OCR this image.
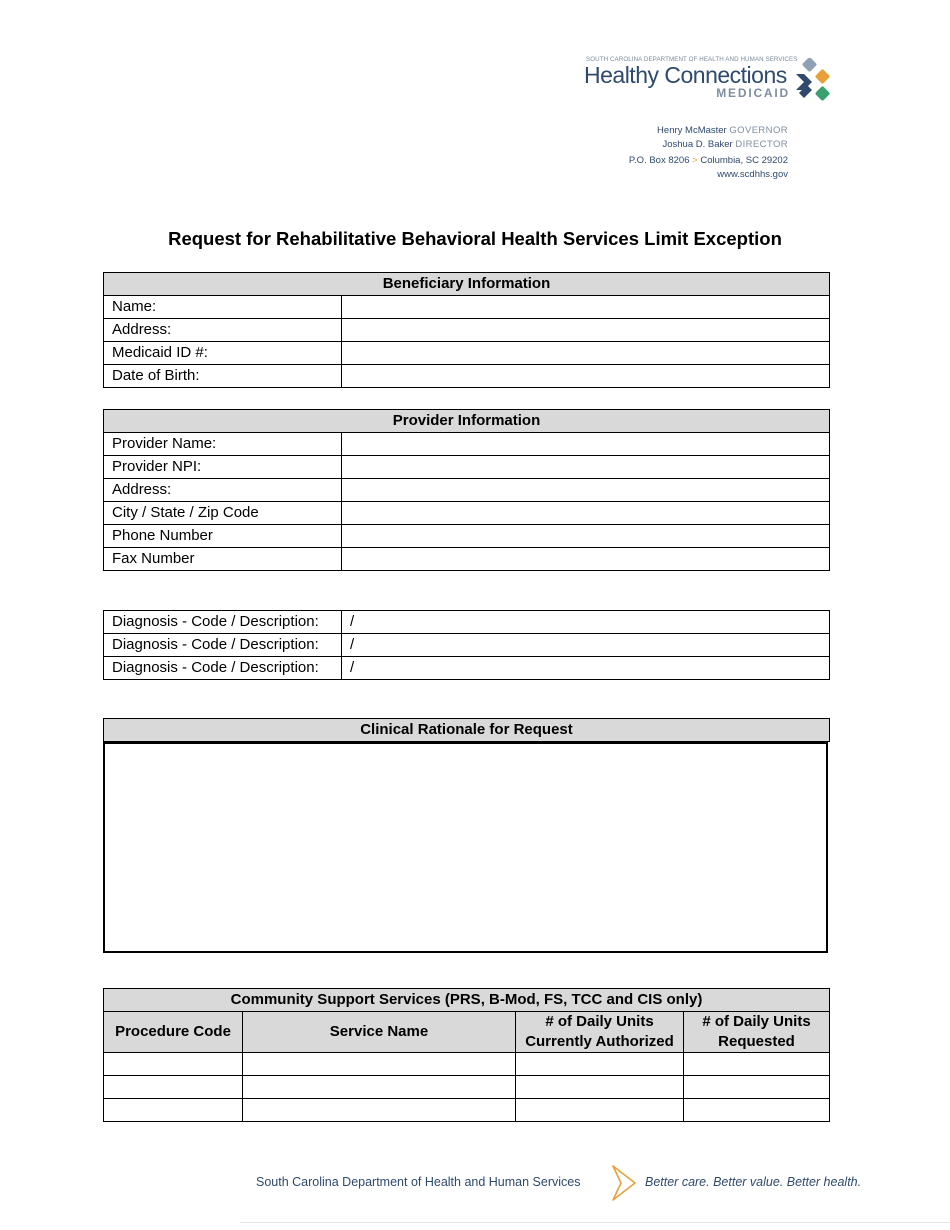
SOUTH CAROLINA DEPARTMENT OF HEALTH AND HUMAN SERVICES
Healthy Connections
MEDICAID
Henry McMaster GOVERNOR
Joshua D. Baker DIRECTOR
P.O. Box 8206 > Columbia, SC 29202
www.scdhhs.gov
Request for Rehabilitative Behavioral Health Services Limit Exception
Beneficiary Information	
Name:	
Address:	
Medicaid ID #:	
Date of Birth:	
Provider Information	
Provider Name:	
Provider NPI:	
Address:	
City / State / Zip Code	
Phone Number	
Fax Number	
Diagnosis - Code / Description:	/
Diagnosis - Code / Description:	/
Diagnosis - Code / Description:	/
Clinical Rationale for Request
Community Support Services (PRS, B-Mod, FS, TCC and CIS only)			
Procedure Code	Service Name	# of Daily Units Currently Authorized	# of Daily Units Requested

South Carolina Department of Health and Human Services	Better care. Better value. Better health.
